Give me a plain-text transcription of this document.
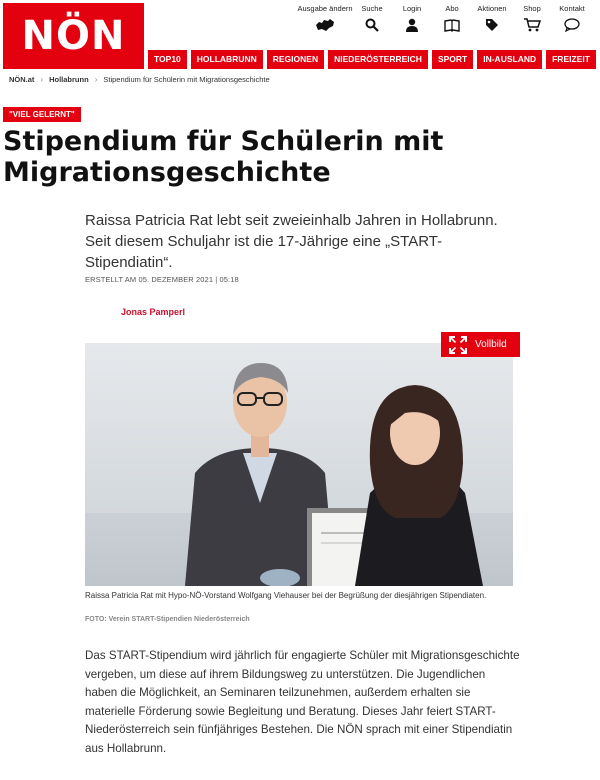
NÖN
Ausgabe ändern Suche	Login	Abo Aktionen Shop Kontakt
TOP10	HOLLABRUNN	REGIONEN	NIEDERÖSTERREICH	SPORT	IN-AUSLAND	FREIZEIT
NÖN.at › Hollabrunn › Stipendium für Schülerin mit Migrationsgeschichte
"VIEL GELERNT"
Stipendium für Schülerin mit Migrationsgeschichte

Raissa Patricia Rat lebt seit zweieinhalb Jahren in Hollabrunn. Seit diesem Schuljahr ist die 17-Jährige eine „START-Stipendiatin“.

ERSTELLT AM 05. DEZEMBER 2021 | 05:18
Jonas Pamperl
Vollbild

Raissa Patricia Rat mit Hypo-NÖ-Vorstand Wolfgang Viehauser bei der Begrüßung der diesjährigen Stipendiaten.

FOTO: Verein START-Stipendien Niederösterreich

Das START-Stipendium wird jährlich für engagierte Schüler mit Migrationsgeschichte vergeben, um diese auf ihrem Bildungsweg zu unterstützen. Die Jugendlichen haben die Möglichkeit, an Seminaren teilzunehmen, außerdem erhalten sie materielle Förderung sowie Begleitung und Beratung. Dieses Jahr feiert START-Niederösterreich sein fünfjähriges Bestehen. Die NÖN sprach mit einer Stipendiatin aus Hollabrunn.
